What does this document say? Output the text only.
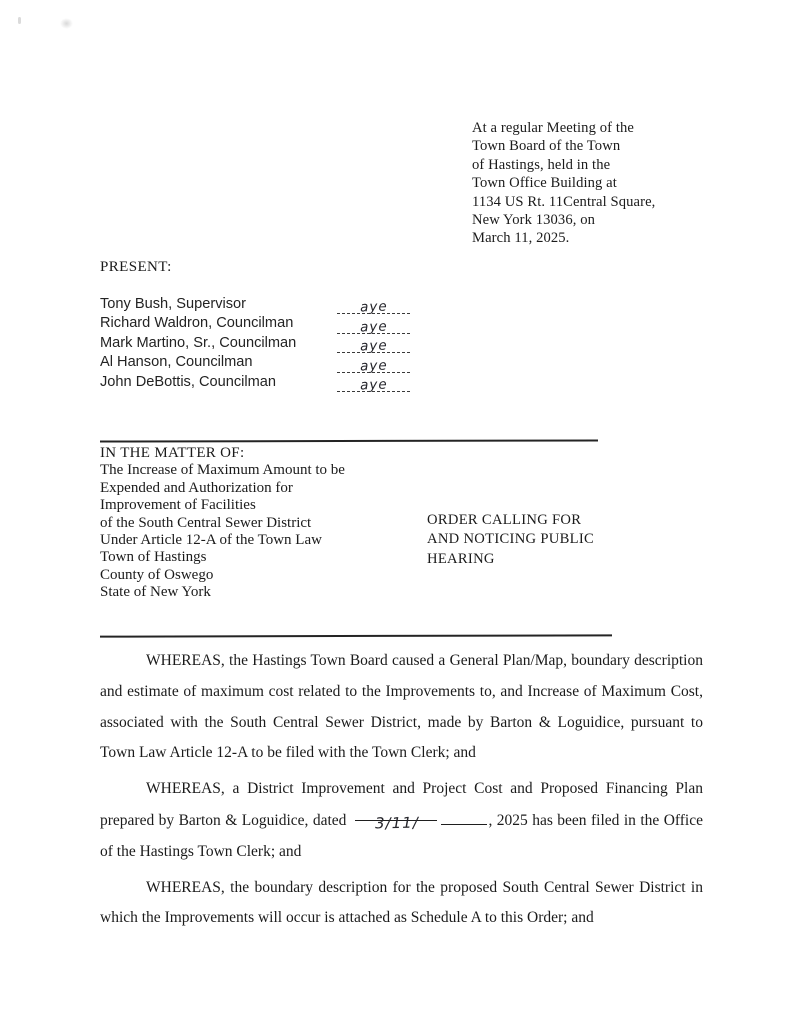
At a regular Meeting of the
Town Board of the Town
of Hastings, held in the
Town Office Building at
1134 US Rt. 11Central Square,
New York 13036, on
March 11, 2025.
PRESENT:
Tony Bush, Supervisor	aye
Richard Waldron, Councilman	aye
Mark Martino, Sr., Councilman	aye
Al Hanson, Councilman	aye
John DeBottis, Councilman	aye
IN THE MATTER OF:
The Increase of Maximum Amount to be
Expended and Authorization for
Improvement of Facilities
of the South Central Sewer District
Under Article 12-A of the Town Law
Town of Hastings
County of Oswego
State of New York
ORDER CALLING FOR
AND NOTICING PUBLIC
HEARING

WHEREAS, the Hastings Town Board caused a General Plan/Map, boundary description and estimate of maximum cost related to the Improvements to, and Increase of Maximum Cost, associated with the South Central Sewer District, made by Barton & Loguidice, pursuant to Town Law Article 12-A to be filed with the Town Clerk; and

WHEREAS, a District Improvement and Project Cost and Proposed Financing Plan prepared by Barton & Loguidice, dated 3/11/	, 2025 has been filed in the Office of the Hastings Town Clerk; and

WHEREAS, the boundary description for the proposed South Central Sewer District in which the Improvements will occur is attached as Schedule A to this Order; and
